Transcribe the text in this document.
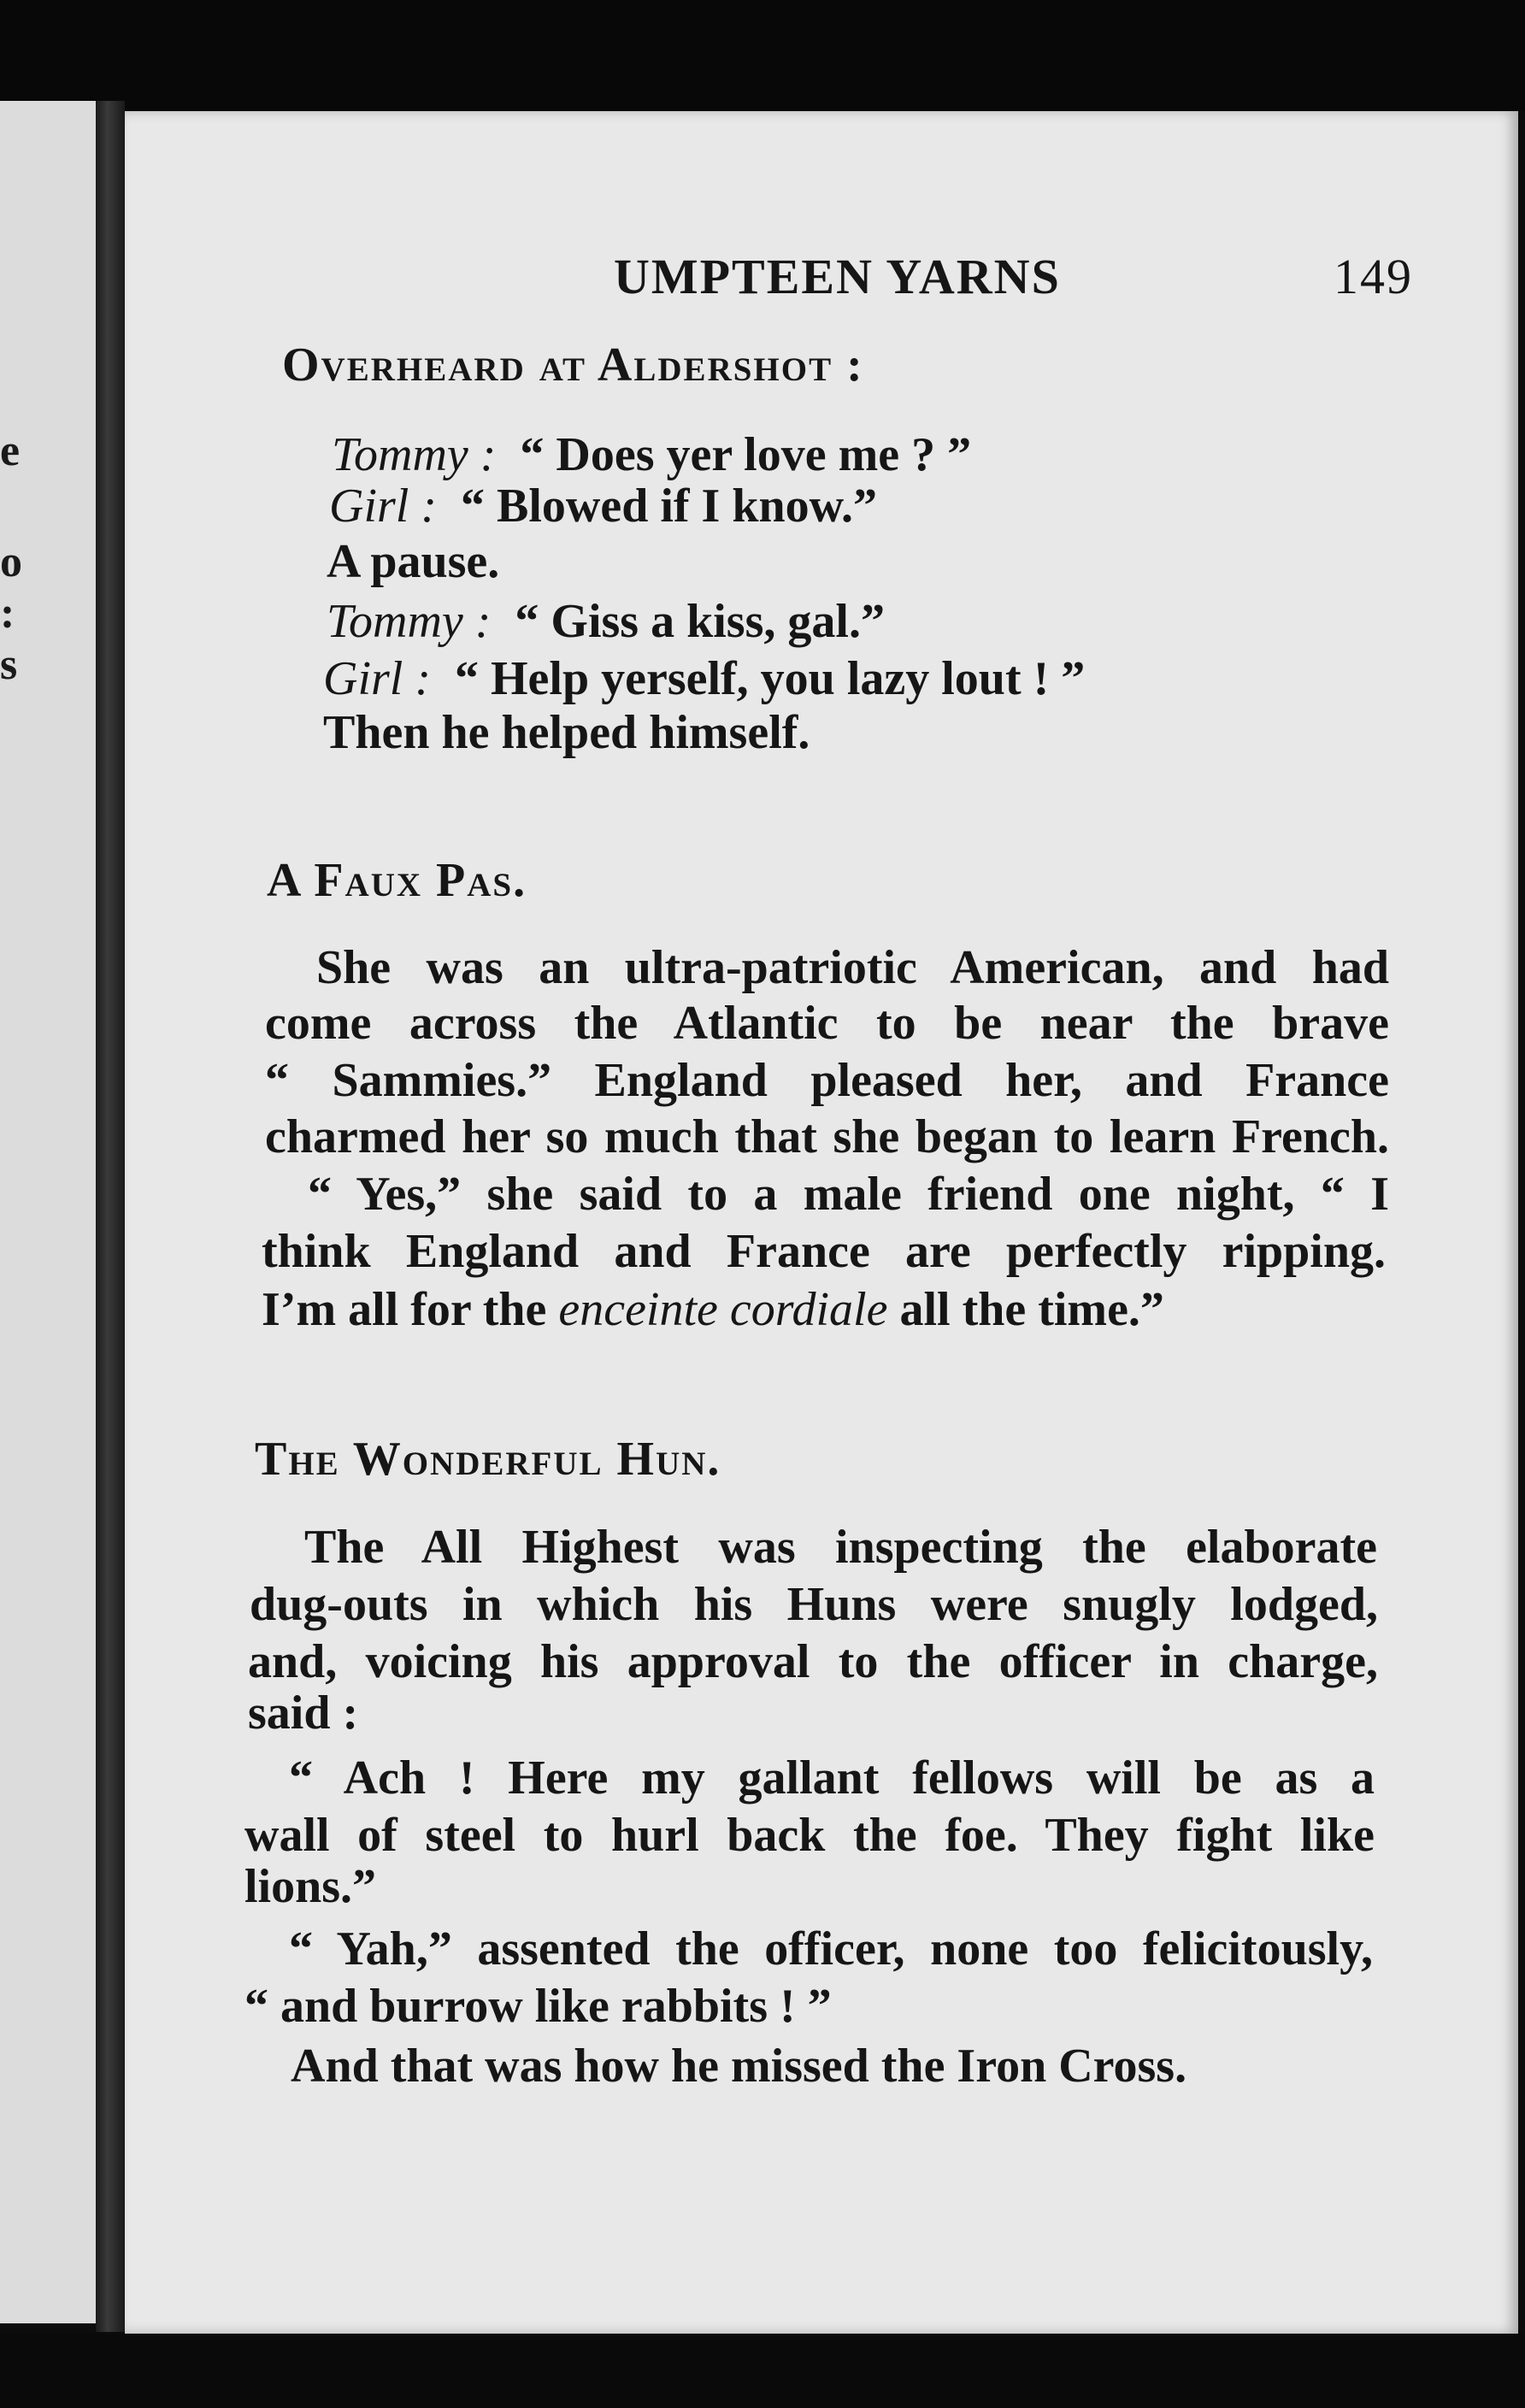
e
o
:
s
UMPTEEN YARNS	149
Overheard at Aldershot :
Tommy : “ Does yer love me ? ”
Girl : “ Blowed if I know.”
A pause.
Tommy : “ Giss a kiss, gal.”
Girl : “ Help yerself, you lazy lout ! ”
Then he helped himself.
A Faux Pas.
She was an ultra-patriotic American, and had
come across the Atlantic to be near the brave
“ Sammies.” England pleased her, and France
charmed her so much that she began to learn French.
“ Yes,” she said to a male friend one night, “ I
think England and France are perfectly ripping.
I’m all for the enceinte cordiale all the time.”
The Wonderful Hun.
The All Highest was inspecting the elaborate
dug-outs in which his Huns were snugly lodged,
and, voicing his approval to the officer in charge,
said :
“ Ach ! Here my gallant fellows will be as a
wall of steel to hurl back the foe. They fight like
lions.”
“ Yah,” assented the officer, none too felicitously,
“ and burrow like rabbits ! ”
And that was how he missed the Iron Cross.
